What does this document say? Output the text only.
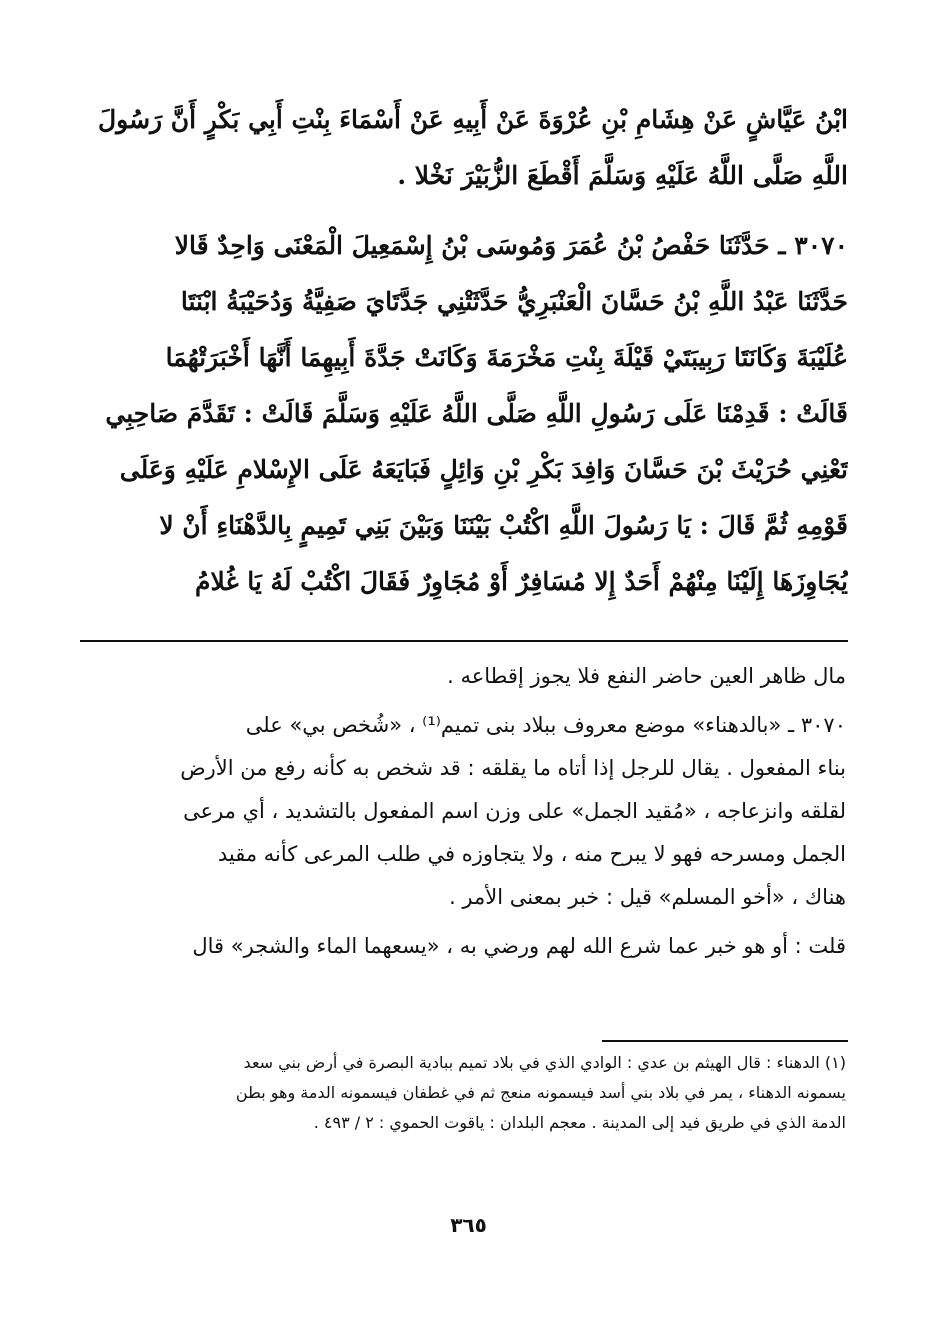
ابْنُ عَيَّاشٍ عَنْ هِشَامِ بْنِ عُرْوَةَ عَنْ أَبِيهِ عَنْ أَسْمَاءَ بِنْتِ أَبِي بَكْرٍ أَنَّ رَسُولَ

اللَّهِ صَلَّى اللَّهُ عَلَيْهِ وَسَلَّمَ أَقْطَعَ الزُّبَيْرَ نَخْلا .

٣٠٧٠ ـ حَدَّثَنَا حَفْصُ بْنُ عُمَرَ وَمُوسَى بْنُ إِسْمَعِيلَ الْمَعْنَى وَاحِدٌ قَالا

حَدَّثَنَا عَبْدُ اللَّهِ بْنُ حَسَّانَ الْعَنْبَرِيُّ حَدَّثَتْنِي جَدَّتَايَ صَفِيَّةُ وَدُحَيْبَةُ ابْنَتَا

عُلَيْبَةَ وَكَانَتَا رَبِيبَتَيْ قَيْلَةَ بِنْتِ مَخْرَمَةَ وَكَانَتْ جَدَّةَ أَبِيهِمَا أَنَّهَا أَخْبَرَتْهُمَا

قَالَتْ : قَدِمْنَا عَلَى رَسُولِ اللَّهِ صَلَّى اللَّهُ عَلَيْهِ وَسَلَّمَ قَالَتْ : تَقَدَّمَ صَاحِبِي

تَعْنِي حُرَيْثَ بْنَ حَسَّانَ وَافِدَ بَكْرِ بْنِ وَائِلٍ فَبَايَعَهُ عَلَى الإِسْلامِ عَلَيْهِ وَعَلَى

قَوْمِهِ ثُمَّ قَالَ : يَا رَسُولَ اللَّهِ اكْتُبْ بَيْنَنَا وَبَيْنَ بَنِي تَمِيمٍ بِالدَّهْنَاءِ أَنْ لا

يُجَاوِزَهَا إِلَيْنَا مِنْهُمْ أَحَدٌ إِلا مُسَافِرٌ أَوْ مُجَاوِرٌ فَقَالَ اكْتُبْ لَهُ يَا غُلامُ

مال ظاهر العين حاضر النفع فلا يجوز إقطاعه .

٣٠٧٠ ـ «بالدهناء» موضع معروف ببلاد بنى تميم⁽¹⁾ ، «شُخص بي» على

بناء المفعول . يقال للرجل إذا أتاه ما يقلقه : قد شخص به كأنه رفع من الأرض

لقلقه وانزعاجه ، «مُقيد الجمل» على وزن اسم المفعول بالتشديد ، أي مرعى

الجمل ومسرحه فهو لا يبرح منه ، ولا يتجاوزه في طلب المرعى كأنه مقيد

هناك ، «أخو المسلم» قيل : خبر بمعنى الأمر .

قلت : أو هو خبر عما شرع الله لهم ورضي به ، «يسعهما الماء والشجر» قال

(١) الدهناء : قال الهيثم بن عدي : الوادي الذي في بلاد تميم ببادية البصرة في أرض بني سعد

يسمونه الدهناء ، يمر في بلاد بني أسد فيسمونه منعج ثم في غطفان فيسمونه الدمة وهو بطن

الدمة الذي في طريق فيد إلى المدينة . معجم البلدان : ياقوت الحموي : ٢ / ٤٩٣ .

٣٦٥
